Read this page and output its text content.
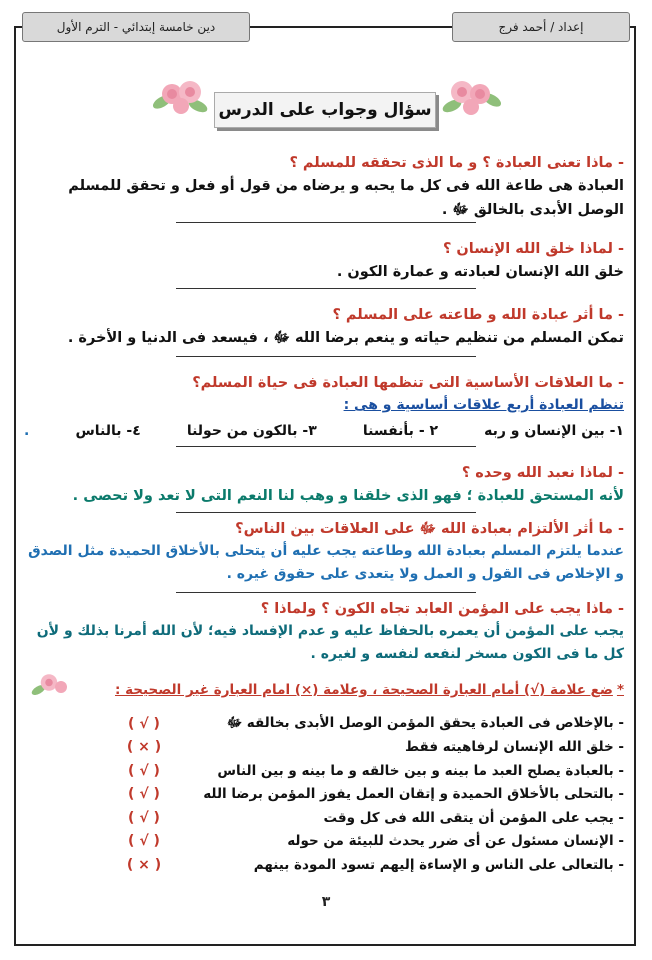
إعداد / أحمد فرج
دين خامسة إبتدائي - الترم الأول
سؤال وجواب على الدرس
- ماذا تعنى العبادة ؟ و ما الذى تحققه للمسلم ؟
العبادة هى طاعة الله فى كل ما يحبه و يرضاه من قول أو فعل و تحقق للمسلم الوصل الأبدى بالخالق ﷻ .
- لماذا خلق الله الإنسان ؟
خلق الله الإنسان لعبادته و عمارة الكون .
- ما أثر عبادة الله و طاعته على المسلم ؟
تمكن المسلم من تنظيم حياته و ينعم برضا الله ﷻ ، فيسعد فى الدنيا و الأخرة .
- ما العلاقات الأساسية التى تنظمها العبادة فى حياة المسلم؟
تنظم العبادة أربع علاقات أساسية و هى :
١- بين الإنسان و ربه
٢ - بأنفسنا
٣- بالكون من حولنا
٤- بالناس
.
- لماذا نعبد الله وحده ؟
لأنه المستحق للعبادة ؛ فهو الذى خلقنا و وهب لنا النعم التى لا تعد ولا تحصى .
- ما أثر الألتزام بعبادة الله ﷻ على العلاقات بين الناس؟
عندما يلتزم المسلم بعبادة الله وطاعته يجب عليه أن يتحلى بالأخلاق الحميدة مثل الصدق و الإخلاص فى القول و العمل ولا يتعدى على حقوق غيره .
- ماذا يجب على المؤمن العابد تجاه الكون ؟ ولماذا ؟
يجب على المؤمن أن يعمره بالحفاظ عليه و عدم الإفساد فيه؛ لأن الله أمرنا بذلك و لأن كل ما فى الكون مسخر لنفعه لنفسه و لغيره .
*ضع علامة (√) أمام العبارة الصحيحة ، وعلامة (×) امام العبارة غير الصحيحة :
- بالإخلاص فى العبادة يحقق المؤمن الوصل الأبدى بخالقه ﷻ
( √ )
- خلق الله الإنسان لرفاهيته فقط
( × )
- بالعبادة يصلح العبد ما بينه و بين خالقه و ما بينه و بين الناس
( √ )
- بالتحلى بالأخلاق الحميدة و إتقان العمل يفوز المؤمن برضا الله
( √ )
- يجب على المؤمن أن يتقى الله فى كل وقت
( √ )
- الإنسان مسئول عن أى ضرر يحدث للبيئة من حوله
( √ )
- بالتعالى على الناس و الإساءة إليهم تسود المودة بينهم
( × )
٣
